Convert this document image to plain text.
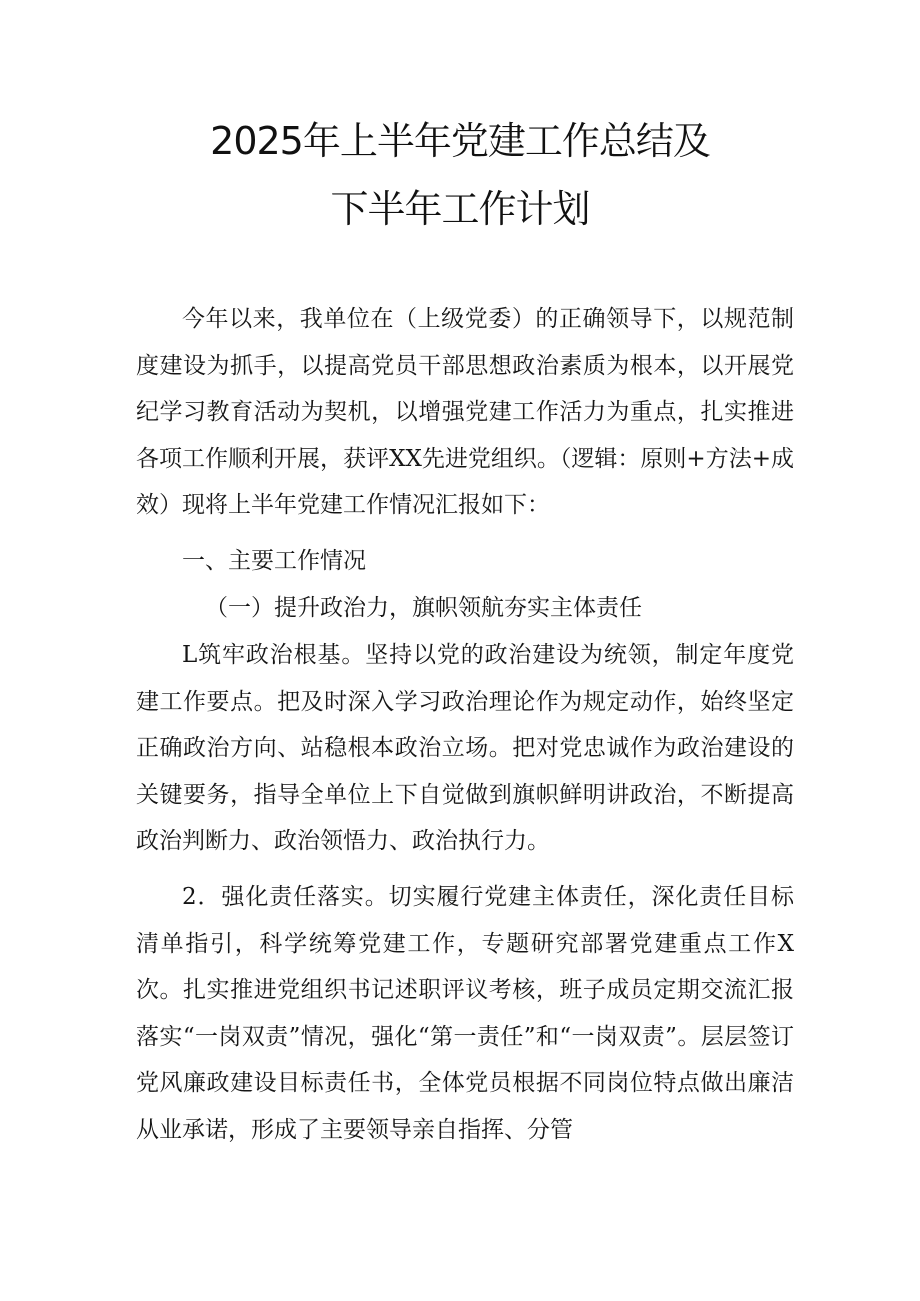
2025年上半年党建工作总结及
下半年工作计划

今年以来，我单位在（上级党委）的正确领导下，以规范制度建设为抓手，以提高党员干部思想政治素质为根本，以开展党纪学习教育活动为契机，以增强党建工作活力为重点，扎实推进各项工作顺利开展，获评XX先进党组织。（逻辑：原则+方法+成效）现将上半年党建工作情况汇报如下：

一、主要工作情况

（一）提升政治力，旗帜领航夯实主体责任

L筑牢政治根基。坚持以党的政治建设为统领，制定年度党建工作要点。把及时深入学习政治理论作为规定动作，始终坚定正确政治方向、站稳根本政治立场。把对党忠诚作为政治建设的关键要务，指导全单位上下自觉做到旗帜鲜明讲政治，不断提高政治判断力、政治领悟力、政治执行力。

2．强化责任落实。切实履行党建主体责任，深化责任目标清单指引，科学统筹党建工作，专题研究部署党建重点工作X次。扎实推进党组织书记述职评议考核，班子成员定期交流汇报落实“一岗双责”情况，强化“第一责任”和“一岗双责”。层层签订党风廉政建设目标责任书，全体党员根据不同岗位特点做出廉洁从业承诺，形成了主要领导亲自指挥、分管
